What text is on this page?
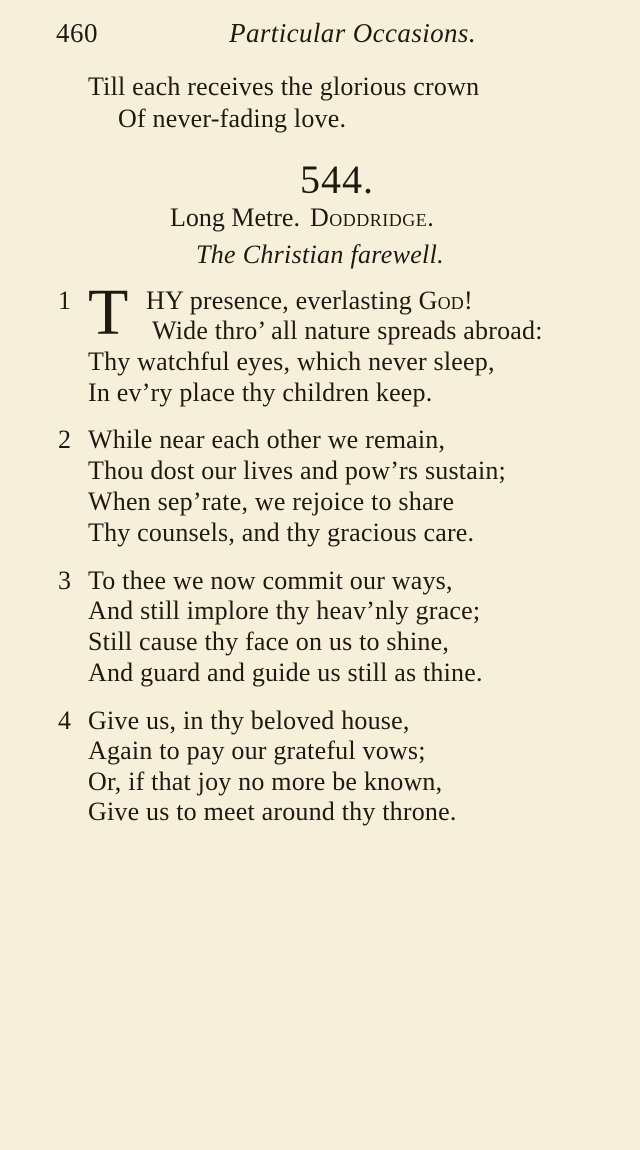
460	Particular Occasions.
Till each receives the glorious crown
Of never-fading love.
544.
Long Metre. Doddridge.
The Christian farewell.
1 T HY presence, everlasting God!
Wide thro’ all nature spreads abroad:
Thy watchful eyes, which never sleep,
In ev’ry place thy children keep.
2 While near each other we remain,
Thou dost our lives and pow’rs sustain;
When sep’rate, we rejoice to share
Thy counsels, and thy gracious care.
3 To thee we now commit our ways,
And still implore thy heav’nly grace;
Still cause thy face on us to shine,
And guard and guide us still as thine.
4 Give us, in thy beloved house,
Again to pay our grateful vows;
Or, if that joy no more be known,
Give us to meet around thy throne.
